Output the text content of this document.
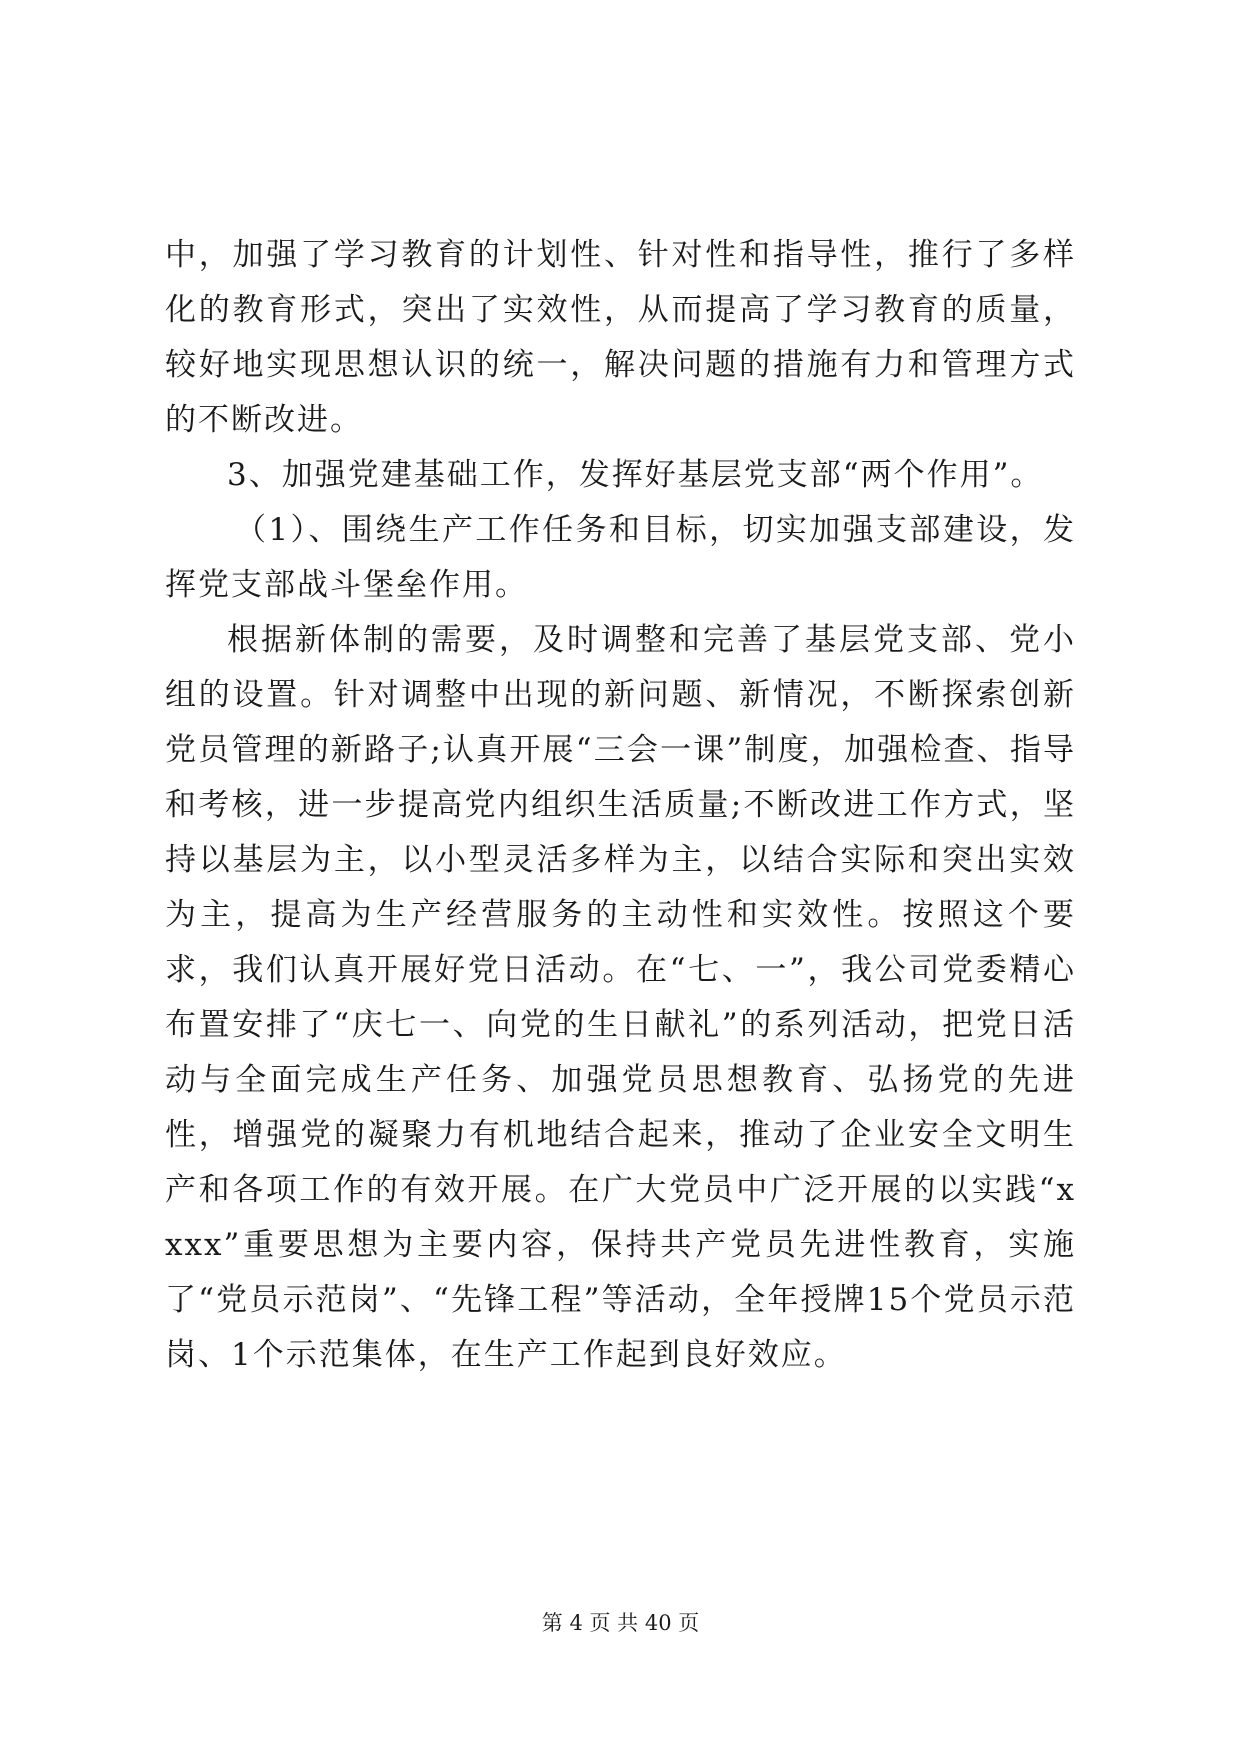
中，加强了学习教育的计划性、针对性和指导性，推行了多样化的教育形式，突出了实效性，从而提高了学习教育的质量，较好地实现思想认识的统一，解决问题的措施有力和管理方式的不断改进。

3、加强党建基础工作，发挥好基层党支部“两个作用”。

（1）、围绕生产工作任务和目标，切实加强支部建设，发挥党支部战斗堡垒作用。

根据新体制的需要，及时调整和完善了基层党支部、党小组的设置。针对调整中出现的新问题、新情况，不断探索创新党员管理的新路子;认真开展“三会一课”制度，加强检查、指导和考核，进一步提高党内组织生活质量;不断改进工作方式，坚持以基层为主，以小型灵活多样为主，以结合实际和突出实效为主，提高为生产经营服务的主动性和实效性。按照这个要求，我们认真开展好党日活动。在“七、一”，我公司党委精心布置安排了“庆七一、向党的生日献礼”的系列活动，把党日活动与全面完成生产任务、加强党员思想教育、弘扬党的先进性，增强党的凝聚力有机地结合起来，推动了企业安全文明生产和各项工作的有效开展。在广大党员中广泛开展的以实践“xxxx”重要思想为主要内容，保持共产党员先进性教育，实施了“党员示范岗”、“先锋工程”等活动，全年授牌15个党员示范岗、1个示范集体，在生产工作起到良好效应。

第 4 页 共 40 页
